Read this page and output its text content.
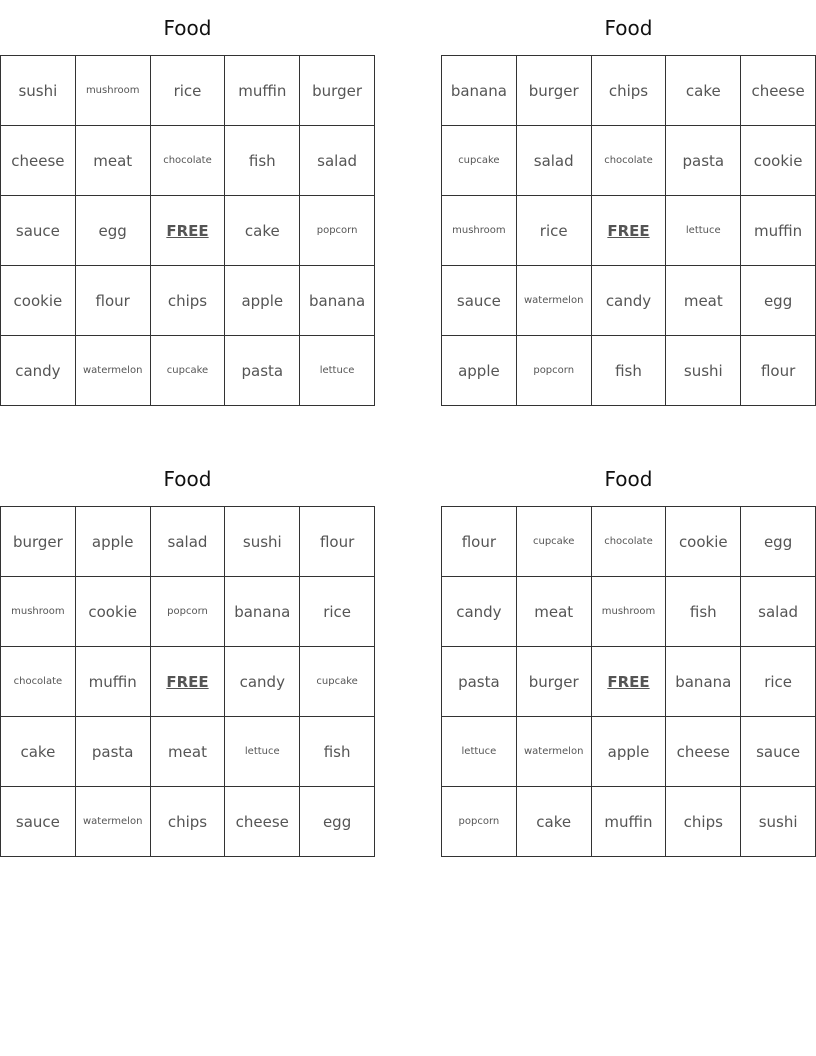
Food
sushi	mushroom	rice	muffin	burger
cheese	meat	chocolate	fish	salad
sauce	egg	FREE	cake	popcorn
cookie	flour	chips	apple	banana
candy	watermelon	cupcake	pasta	lettuce
Food
banana	burger	chips	cake	cheese
cupcake	salad	chocolate	pasta	cookie
mushroom	rice	FREE	lettuce	muffin
sauce	watermelon	candy	meat	egg
apple	popcorn	fish	sushi	flour
Food
burger	apple	salad	sushi	flour
mushroom	cookie	popcorn	banana	rice
chocolate	muffin	FREE	candy	cupcake
cake	pasta	meat	lettuce	fish
sauce	watermelon	chips	cheese	egg
Food
flour	cupcake	chocolate	cookie	egg
candy	meat	mushroom	fish	salad
pasta	burger	FREE	banana	rice
lettuce	watermelon	apple	cheese	sauce
popcorn	cake	muffin	chips	sushi
